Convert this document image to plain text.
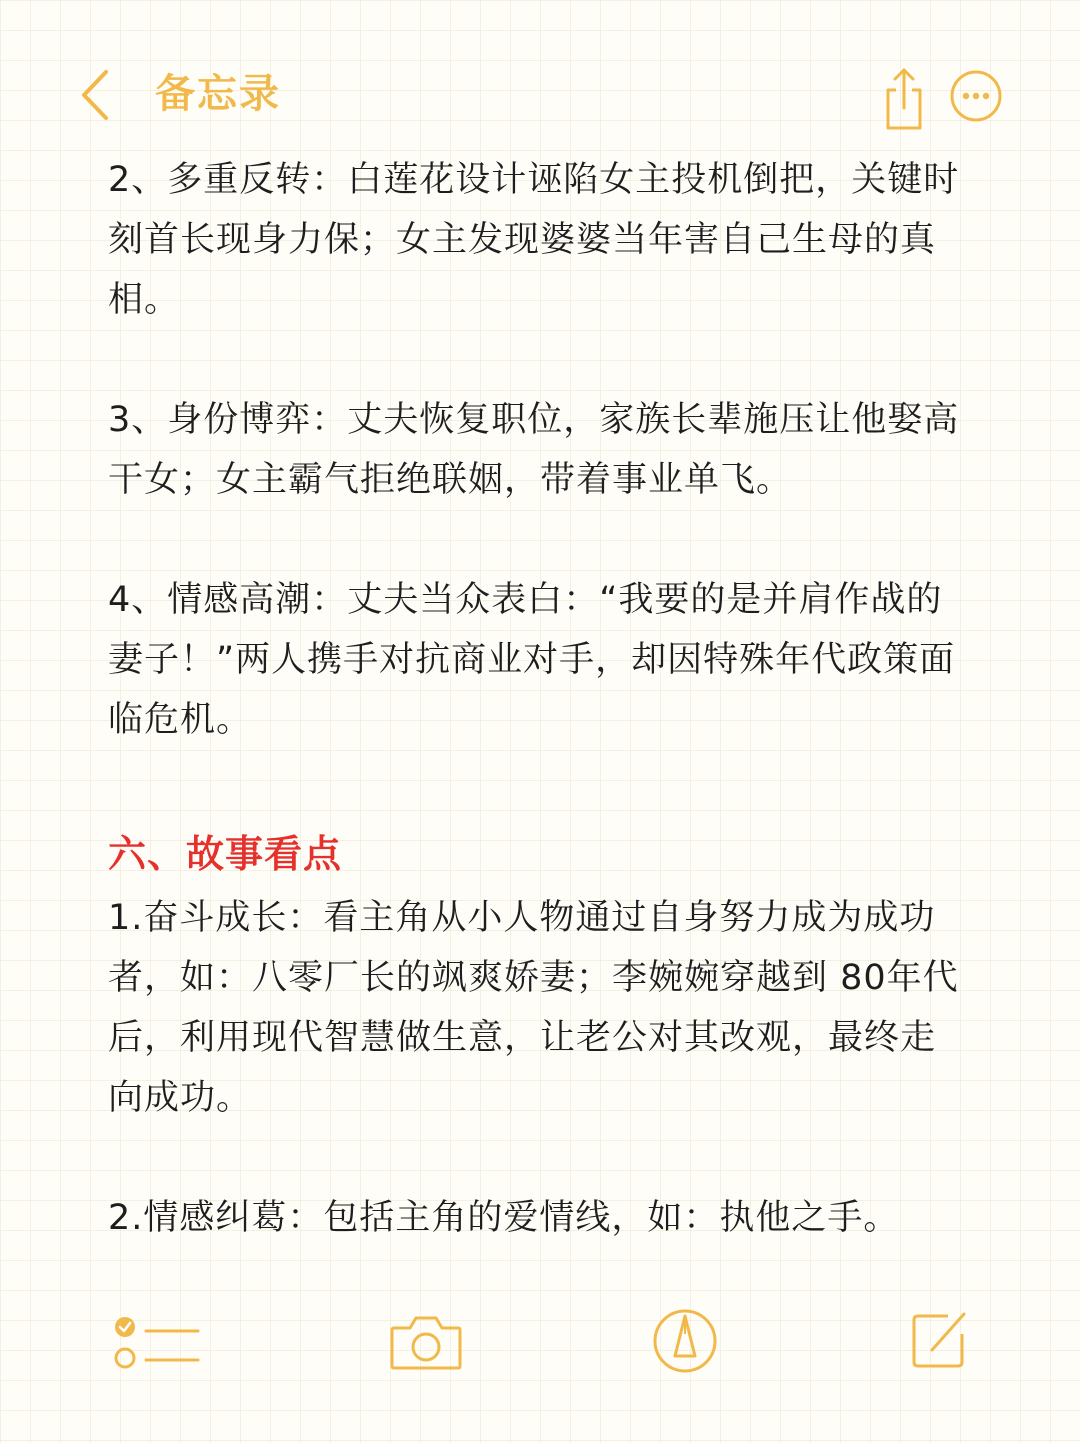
备忘录

2、多重反转：白莲花设计诬陷女主投机倒把，关键时刻首长现身力保；女主发现婆婆当年害自己生母的真相。

3、身份博弈：丈夫恢复职位，家族长辈施压让他娶高干女；女主霸气拒绝联姻，带着事业单飞。

4、情感高潮：丈夫当众表白：“我要的是并肩作战的妻子！”两人携手对抗商业对手，却因特殊年代政策面临危机。

六、故事看点

1.奋斗成长：看主角从小人物通过自身努力成为成功者，如：八零厂长的飒爽娇妻；李婉婉穿越到 80年代后，利用现代智慧做生意，让老公对其改观，最终走向成功。

2.情感纠葛：包括主角的爱情线，如：执他之手。
